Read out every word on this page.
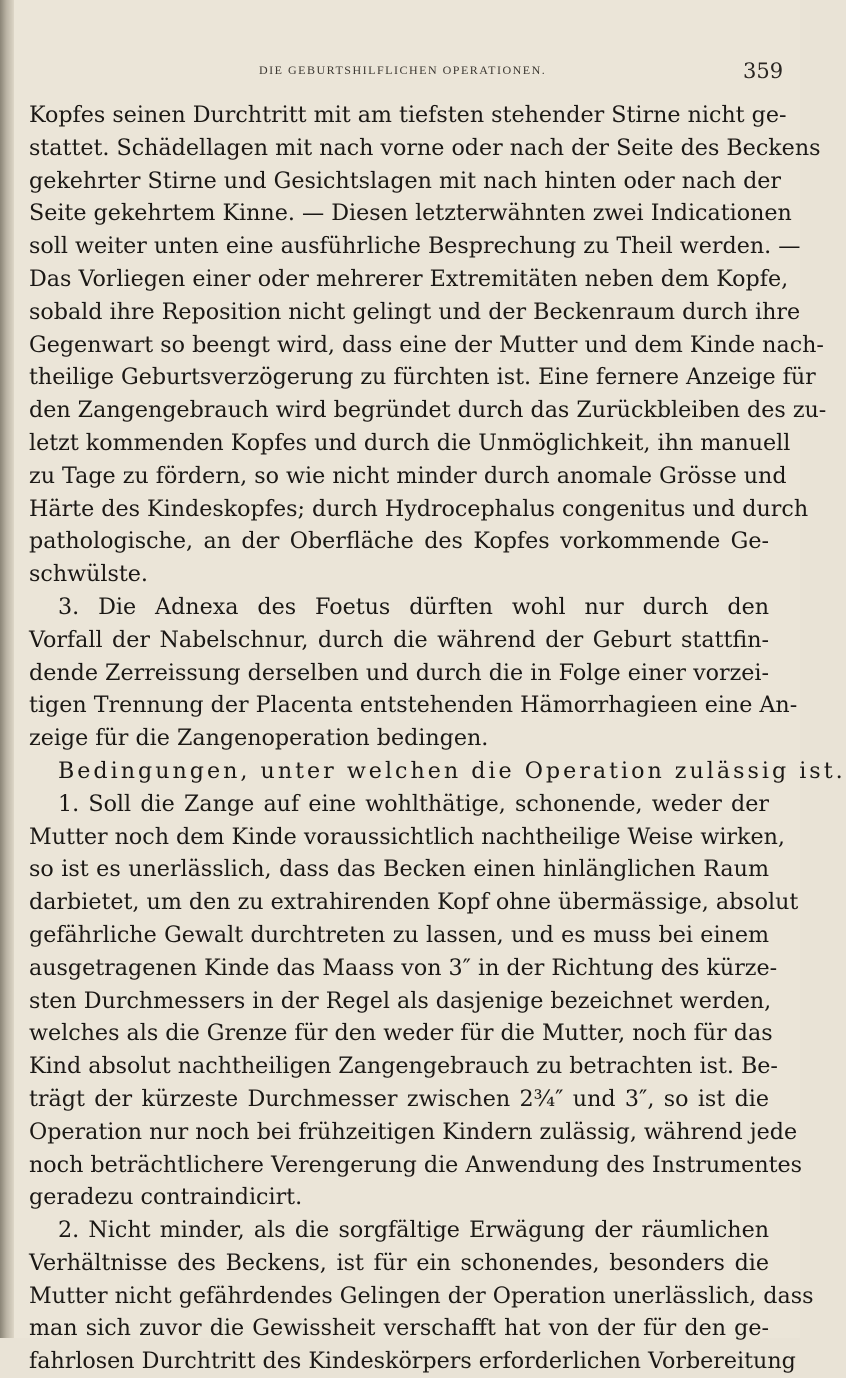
DIE GEBURTSHILFLICHEN OPERATIONEN.	359
Kopfes seinen Durchtritt mit am tiefsten stehender Stirne nicht ge-
stattet. Schädellagen mit nach vorne oder nach der Seite des Beckens
gekehrter Stirne und Gesichtslagen mit nach hinten oder nach der
Seite gekehrtem Kinne. — Diesen letzterwähnten zwei Indicationen
soll weiter unten eine ausführliche Besprechung zu Theil werden. —
Das Vorliegen einer oder mehrerer Extremitäten neben dem Kopfe,
sobald ihre Reposition nicht gelingt und der Beckenraum durch ihre
Gegenwart so beengt wird, dass eine der Mutter und dem Kinde nach-
theilige Geburtsverzögerung zu fürchten ist. Eine fernere Anzeige für
den Zangengebrauch wird begründet durch das Zurückbleiben des zu-
letzt kommenden Kopfes und durch die Unmöglichkeit, ihn manuell
zu Tage zu fördern, so wie nicht minder durch anomale Grösse und
Härte des Kindeskopfes; durch Hydrocephalus congenitus und durch
pathologische, an der Oberfläche des Kopfes vorkommende Ge-
schwülste.
3. Die Adnexa des Foetus dürften wohl nur durch den
Vorfall der Nabelschnur, durch die während der Geburt stattfin-
dende Zerreissung derselben und durch die in Folge einer vorzei-
tigen Trennung der Placenta entstehenden Hämorrhagieen eine An-
zeige für die Zangenoperation bedingen.
Bedingungen, unter welchen die Operation zulässig ist.
1. Soll die Zange auf eine wohlthätige, schonende, weder der
Mutter noch dem Kinde voraussichtlich nachtheilige Weise wirken,
so ist es unerlässlich, dass das Becken einen hinlänglichen Raum
darbietet, um den zu extrahirenden Kopf ohne übermässige, absolut
gefährliche Gewalt durchtreten zu lassen, und es muss bei einem
ausgetragenen Kinde das Maass von 3″ in der Richtung des kürze-
sten Durchmessers in der Regel als dasjenige bezeichnet werden,
welches als die Grenze für den weder für die Mutter, noch für das
Kind absolut nachtheiligen Zangengebrauch zu betrachten ist. Be-
trägt der kürzeste Durchmesser zwischen 2¾″ und 3″, so ist die
Operation nur noch bei frühzeitigen Kindern zulässig, während jede
noch beträchtlichere Verengerung die Anwendung des Instrumentes
geradezu contraindicirt.
2. Nicht minder, als die sorgfältige Erwägung der räumlichen
Verhältnisse des Beckens, ist für ein schonendes, besonders die
Mutter nicht gefährdendes Gelingen der Operation unerlässlich, dass
man sich zuvor die Gewissheit verschafft hat von der für den ge-
fahrlosen Durchtritt des Kindeskörpers erforderlichen Vorbereitung
